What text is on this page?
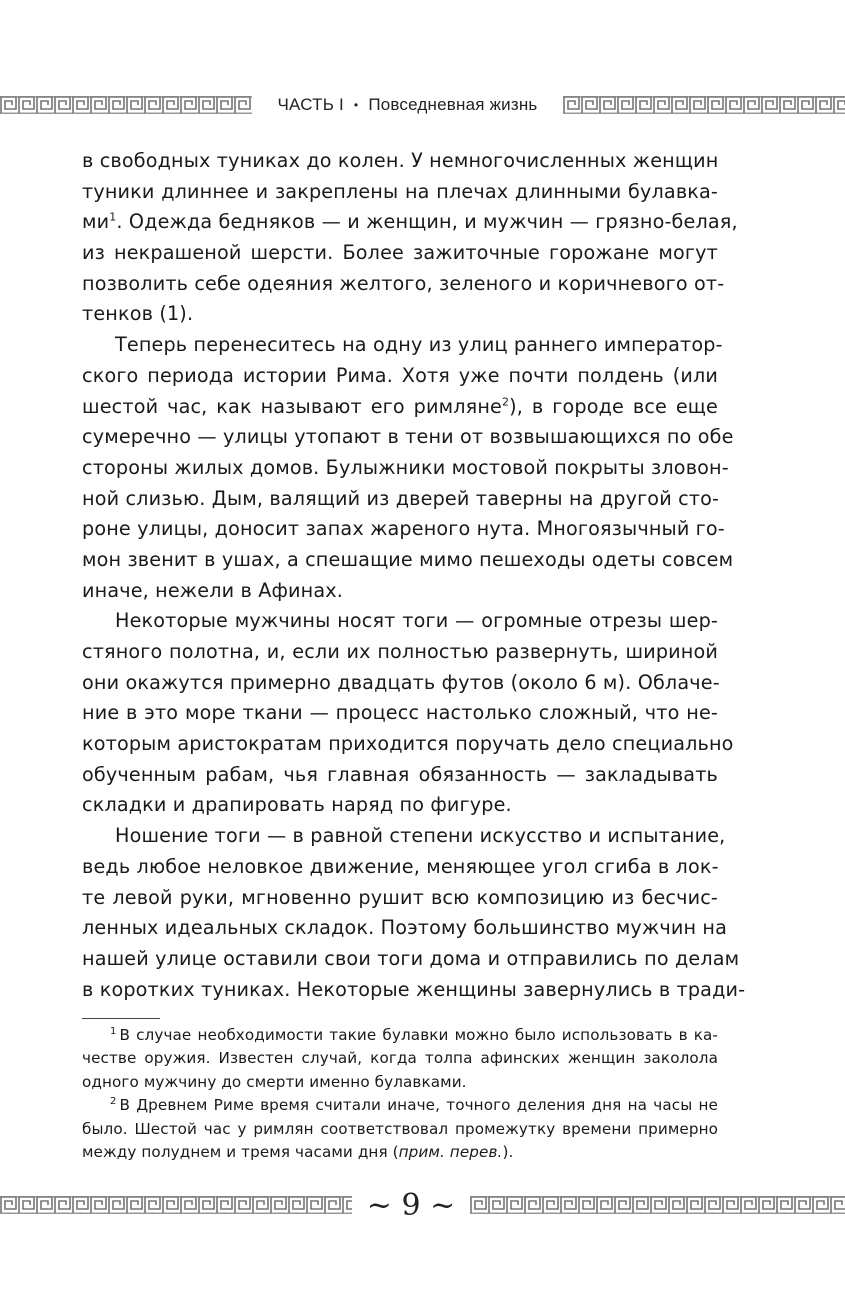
ЧАСТЬ I • Повседневная жизнь
в свободных туниках до колен. У немногочисленных женщин
туники длиннее и закреплены на плечах длинными булавка-
ми$^1$. Одежда бедняков — и женщин, и мужчин — грязно-белая,
из некрашеной шерсти. Более зажиточные горожане могут
позволить себе одеяния желтого, зеленого и коричневого от-
тенков (1).
Теперь перенеситесь на одну из улиц раннего император-
ского периода истории Рима. Хотя уже почти полдень (или
шестой час, как называют его римляне$^2$), в городе все еще
сумеречно — улицы утопают в тени от возвышающихся по обе
стороны жилых домов. Булыжники мостовой покрыты зловон-
ной слизью. Дым, валящий из дверей таверны на другой сто-
роне улицы, доносит запах жареного нута. Многоязычный го-
мон звенит в ушах, а спешащие мимо пешеходы одеты совсем
иначе, нежели в Афинах.
Некоторые мужчины носят тоги — огромные отрезы шер-
стяного полотна, и, если их полностью развернуть, шириной
они окажутся примерно двадцать футов (около 6 м). Облаче-
ние в это море ткани — процесс настолько сложный, что не-
которым аристократам приходится поручать дело специально
обученным рабам, чья главная обязанность — закладывать
складки и драпировать наряд по фигуре.
Ношение тоги — в равной степени искусство и испытание,
ведь любое неловкое движение, меняющее угол сгиба в лок-
те левой руки, мгновенно рушит всю композицию из бесчис-
ленных идеальных складок. Поэтому большинство мужчин на
нашей улице оставили свои тоги дома и отправились по делам
в коротких туниках. Некоторые женщины завернулись в тради-
$^1$ В случае необходимости такие булавки можно было использовать в ка-
честве оружия. Известен случай, когда толпа афинских женщин заколола
одного мужчину до смерти именно булавками.
$^2$ В Древнем Риме время считали иначе, точного деления дня на часы не
было. Шестой час у римлян соответствовал промежутку времени примерно
между полуднем и тремя часами дня (прим. перев.).
~ 9 ~
